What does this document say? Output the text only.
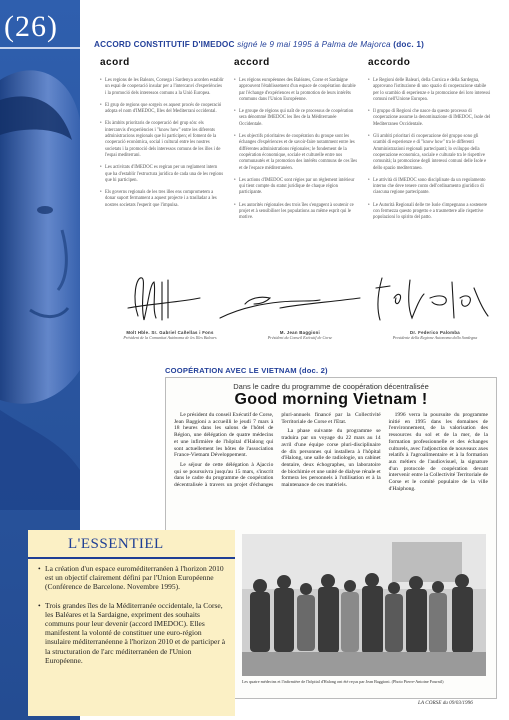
(26)
ACCORD CONSTITUTIF D'IMEDOC signé le 9 mai 1995 à Palma de Majorca (doc. 1)
acord

• Les regions de les Balears, Corsega i Sardenya acorden establir un espai de cooperació insular per a l'intercanvi d'experiències i la promoció dels interessos comuns a la Unió Europea.

• El grup de regions que sorgeix es aquest procés de cooperació adopta el nom d'IMEDOC, Illes del Mediterrani occidental.

• Els àmbits prioritaris de cooperació del grup són: els intercanvis d'experiències i "know how" entre les diferents administracions regionals que hi participen; el foment de la cooperació econòmica, social i cultural entre les nostres societats i la promoció dels interessos comuns de les illes i de l'espai mediterrani.

• Les activitats d'IMEDOC es regiran per un reglament intern que ha d'establir l'estructura juridica de cada una de les regions que hi participen.

• Els governs regionals de les tres illes ens comprometem a donar suport fermament a aquest projecte i a traslladar a les nostres societats l'esperit que l'impulsa.

accord

• Les régions européennes des Baléares, Corse et Sardaigne approuvent l'établissement d'un espace de coopération durable par l'échange d'expériences et la promotion de leurs intérêts communs dans l'Union Européenne.

• Le groupe de régions qui naît de ce processus de coopération sera dénommé IMEDOC les Iles de la Méditerranée Occidentale.

• Les objectifs prioritaires de coopération du groupe sont les échanges d'expériences et de savoir-faire notamment entre les différentes administrations régionales; le fondement de la coopération économique, sociale et culturelle entre nos communautés et la promotion des intérêts communs de ces îles et de l'espace méditerranéen.

• Les actions d'IMEDOC sont régies par un règlement intérieur qui tient compte du statut juridique de chaque région participante.

• Les autorités régionales des trois îles s'engagent à soutenir ce projet et à sensibiliser les populations au même esprit qui le motive.

accordo

• Le Regioni delle Baleari, della Corsica e della Sardegna, approvano l'istituzione di uno spazio di cooperazione stabile per lo scambio di esperienze e la promozione dei loro interessi comuni nell'Unione Europea.

• Il gruppo di Regioni che nasce da questo processo di cooperazione assume la denominazione di IMEDOC, Isole del Mediterraneo Occidentale.

• Gli ambiti prioritari di cooperazione del gruppo sono gli scambi di esperienze e di "know how" tra le differenti Amministrazioni regionali partecipanti; lo sviluppo della cooperazione economica, sociale e culturale tra le rispettive comunità; la promozione degli interessi comuni delle Isole e dello spazio mediterraneo.

• Le attività di IMEDOC sono disciplinate da un regolamento interno che deve tenere conto dell'ordinamento giuridico di ciascuna regione partecipante.

• Le Autorità Regionali delle tre Isole s'impegnano a sostenere con fermezza questo progetto e a trasmettere alle rispettive popolazioni lo spirito del patto.

Molt Hble. Sr. Gabriel Cañellas i Fons
Président de la Comunitat Autònoma de les Illes Balears
M. Jean Baggioni
Président du Conseil Exécutif de Corse
Dr. Federico Palomba
Presidente della Regione Autonoma della Sardegna
COOPÉRATION AVEC LE VIETNAM (doc. 2)
Dans le cadre du programme de coopération décentralisée
Good morning Vietnam !

Le président du conseil Exécutif de Corse, Jean Baggioni a accueilli le jeudi 7 mars à 18 heures dans les salons de l'hôtel de Région, une délégation de quatre médecins et une infirmière de l'hôpital d'Halong qui sont actuellement les hôtes de l'association France-Vietnam Développement.

Le séjour de cette délégation à Ajaccio qui se poursuivra jusqu'au 15 mars, s'inscrit dans le cadre du programme de coopération décentralisée à travers un projet d'échanges pluri-annuels financé par la Collectivité Territoriale de Corse et l'Etat.

La phase suivante du programme se traduira par un voyage du 22 mars au 14 avril d'une équipe corse pluri-disciplinaire de dix personnes qui installera à l'hôpital d'Halong, une salle de radiologie, un cabinet dentaire, deux échographes, un laboratoire de biochimie et une unité de dialyse rénale et formera les personnels à l'utilisation et à la maintenance de ces matériels.

1996 verra la poursuite du programme initié en 1995 dans les domaines de l'environnement, de la valorisation des ressources du sol et de la mer, de la formation professionnelle et des échanges culturels, avec l'adjonction de nouveaux axes relatifs à l'agroalimentaire et à la formation aux métiers de l'audiovisuel, la signature d'un protocole de coopération devant intervenir entre la Collectivité Territoriale de Corse et le comité populaire de la ville d'Haiphong.

Les quatre médecins et l'infirmière de l'hôpital d'Halong ont été reçus par Jean Baggioni. (Photo Pierre-Antoine Fournil)
LA CORSE du 09/03/1996
L'ESSENTIEL

• La création d'un espace euroméditerranéen à l'horizon 2010 est un objectif clairement défini par l'Union Européenne (Conférence de Barcelone. Novembre 1995).

• Trois grandes îles de la Méditerranée occidentale, la Corse, les Baléares et la Sardaigne, expriment des souhaits communs pour leur devenir (accord IMEDOC). Elles manifestent la volonté de constituer une euro-région insulaire méditerranéenne à l'horizon 2010 et de participer à la structuration de l'arc méditerranéen de l'Union Européenne.
